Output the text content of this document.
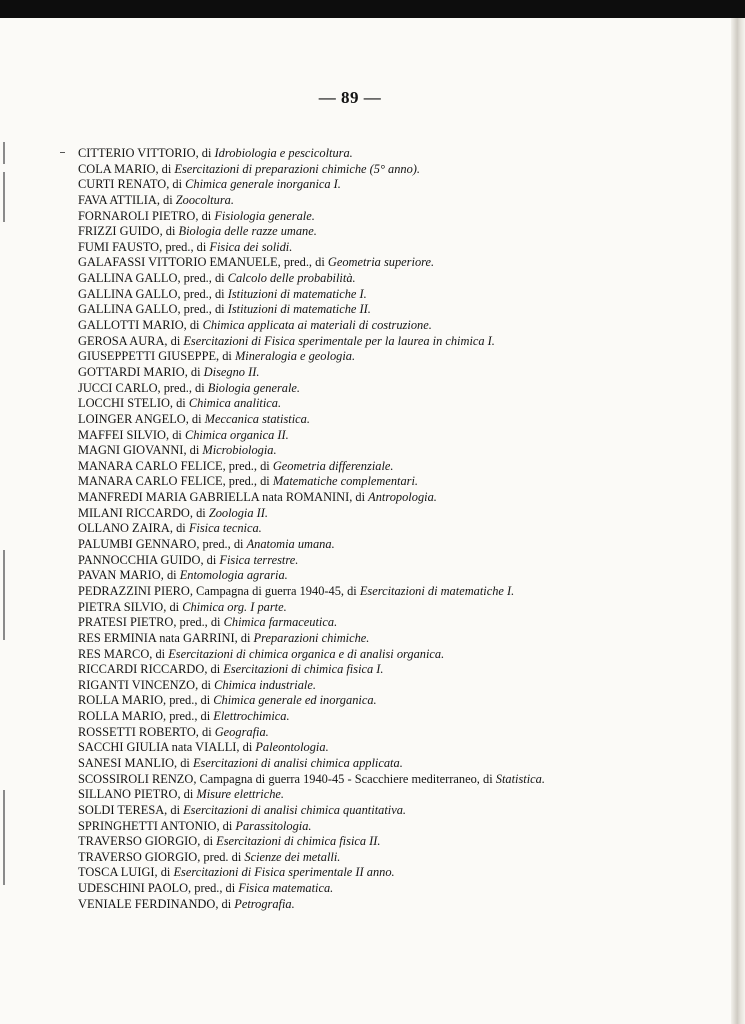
— 89 —
CITTERIO VITTORIO, di Idrobiologia e pescicoltura.
COLA MARIO, di Esercitazioni di preparazioni chimiche (5° anno).
CURTI RENATO, di Chimica generale inorganica I.
FAVA ATTILIA, di Zoocoltura.
FORNAROLI PIETRO, di Fisiologia generale.
FRIZZI GUIDO, di Biologia delle razze umane.
FUMI FAUSTO, pred., di Fisica dei solidi.
GALAFASSI VITTORIO EMANUELE, pred., di Geometria superiore.
GALLINA GALLO, pred., di Calcolo delle probabilità.
GALLINA GALLO, pred., di Istituzioni di matematiche I.
GALLINA GALLO, pred., di Istituzioni di matematiche II.
GALLOTTI MARIO, di Chimica applicata ai materiali di costruzione.
GEROSA AURA, di Esercitazioni di Fisica sperimentale per la laurea in chimica I.
GIUSEPPETTI GIUSEPPE, di Mineralogia e geologia.
GOTTARDI MARIO, di Disegno II.
JUCCI CARLO, pred., di Biologia generale.
LOCCHI STELIO, di Chimica analitica.
LOINGER ANGELO, di Meccanica statistica.
MAFFEI SILVIO, di Chimica organica II.
MAGNI GIOVANNI, di Microbiologia.
MANARA CARLO FELICE, pred., di Geometria differenziale.
MANARA CARLO FELICE, pred., di Matematiche complementari.
MANFREDI MARIA GABRIELLA nata ROMANINI, di Antropologia.
MILANI RICCARDO, di Zoologia II.
OLLANO ZAIRA, di Fisica tecnica.
PALUMBI GENNARO, pred., di Anatomia umana.
PANNOCCHIA GUIDO, di Fisica terrestre.
PAVAN MARIO, di Entomologia agraria.
PEDRAZZINI PIERO, Campagna di guerra 1940-45, di Esercitazioni di matematiche I.
PIETRA SILVIO, di Chimica org. I parte.
PRATESI PIETRO, pred., di Chimica farmaceutica.
RES ERMINIA nata GARRINI, di Preparazioni chimiche.
RES MARCO, di Esercitazioni di chimica organica e di analisi organica.
RICCARDI RICCARDO, di Esercitazioni di chimica fisica I.
RIGANTI VINCENZO, di Chimica industriale.
ROLLA MARIO, pred., di Chimica generale ed inorganica.
ROLLA MARIO, pred., di Elettrochimica.
ROSSETTI ROBERTO, di Geografia.
SACCHI GIULIA nata VIALLI, di Paleontologia.
SANESI MANLIO, di Esercitazioni di analisi chimica applicata.
SCOSSIROLI RENZO, Campagna di guerra 1940-45 - Scacchiere mediterraneo, di Statistica.
SILLANO PIETRO, di Misure elettriche.
SOLDI TERESA, di Esercitazioni di analisi chimica quantitativa.
SPRINGHETTI ANTONIO, di Parassitologia.
TRAVERSO GIORGIO, di Esercitazioni di chimica fisica II.
TRAVERSO GIORGIO, pred. di Scienze dei metalli.
TOSCA LUIGI, di Esercitazioni di Fisica sperimentale II anno.
UDESCHINI PAOLO, pred., di Fisica matematica.
VENIALE FERDINANDO, di Petrografia.
